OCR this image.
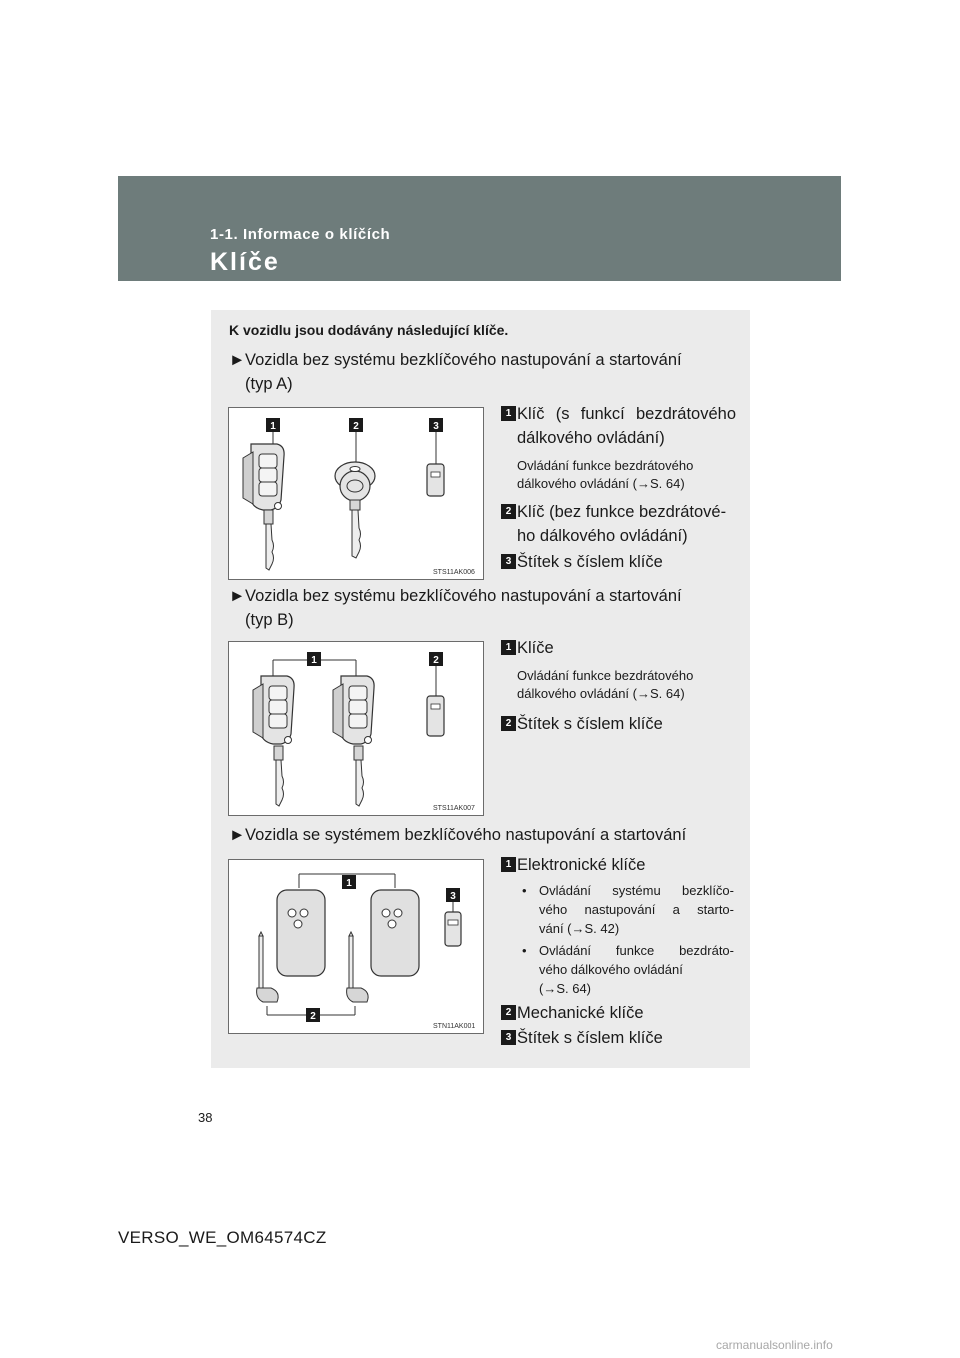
1-1. Informace o klíčích
Klíče
K vozidlu jsou dodávány následující klíče.
►Vozidla bez systému bezklíčového nastupování a startování
(typ A)
1	2	3
STS11AK006
1 Klíč (s funkcí bezdrátového
dálkového ovládání)
Ovládání funkce bezdrátového
dálkového ovládání (→S. 64)
2 Klíč (bez funkce bezdrátové-
ho dálkového ovládání)
3 Štítek s číslem klíče
►Vozidla bez systému bezklíčového nastupování a startování
(typ B)
1	2
STS11AK007
1 Klíče
Ovládání funkce bezdrátového
dálkového ovládání (→S. 64)
2 Štítek s číslem klíče
►Vozidla se systémem bezklíčového nastupování a startování
1
3
2
STN11AK001
1 Elektronické klíče
• Ovládání systému bezklíčo-
vého nastupování a starto-
vání (→S. 42)
• Ovládání funkce bezdráto-
vého dálkového ovládání
(→S. 64)
2 Mechanické klíče
3 Štítek s číslem klíče
38
VERSO_WE_OM64574CZ
carmanualsonline.info
